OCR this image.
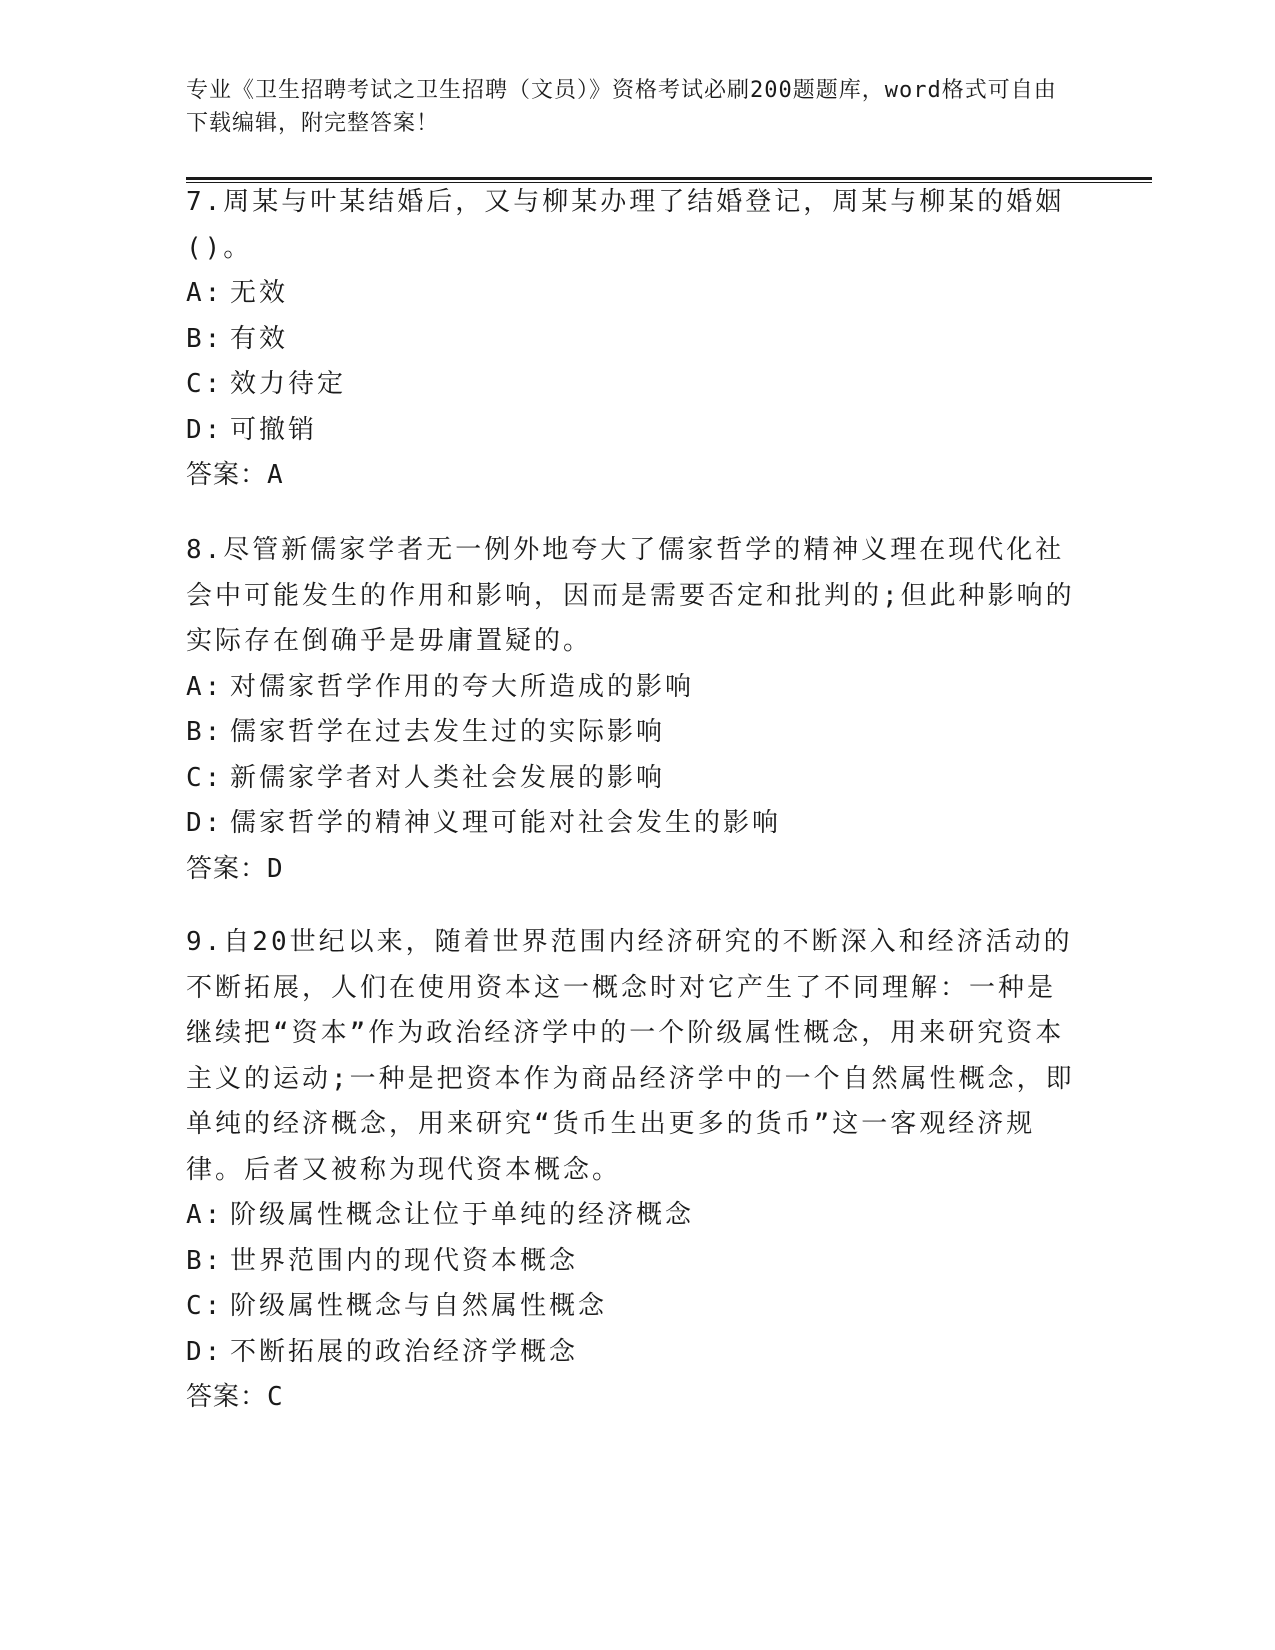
专业《卫生招聘考试之卫生招聘（文员）》资格考试必刷200题题库，word格式可自由下载编辑，附完整答案！
7.周某与叶某结婚后，又与柳某办理了结婚登记，周某与柳某的婚姻()。
A: 无效
B: 有效
C: 效力待定
D: 可撤销
答案：A
8.尽管新儒家学者无一例外地夸大了儒家哲学的精神义理在现代化社会中可能发生的作用和影响，因而是需要否定和批判的;但此种影响的实际存在倒确乎是毋庸置疑的。
A: 对儒家哲学作用的夸大所造成的影响
B: 儒家哲学在过去发生过的实际影响
C: 新儒家学者对人类社会发展的影响
D: 儒家哲学的精神义理可能对社会发生的影响
答案：D
9.自20世纪以来，随着世界范围内经济研究的不断深入和经济活动的不断拓展，人们在使用资本这一概念时对它产生了不同理解：一种是继续把“资本”作为政治经济学中的一个阶级属性概念，用来研究资本主义的运动;一种是把资本作为商品经济学中的一个自然属性概念，即单纯的经济概念，用来研究“货币生出更多的货币”这一客观经济规律。后者又被称为现代资本概念。
A: 阶级属性概念让位于单纯的经济概念
B: 世界范围内的现代资本概念
C: 阶级属性概念与自然属性概念
D: 不断拓展的政治经济学概念
答案：C
